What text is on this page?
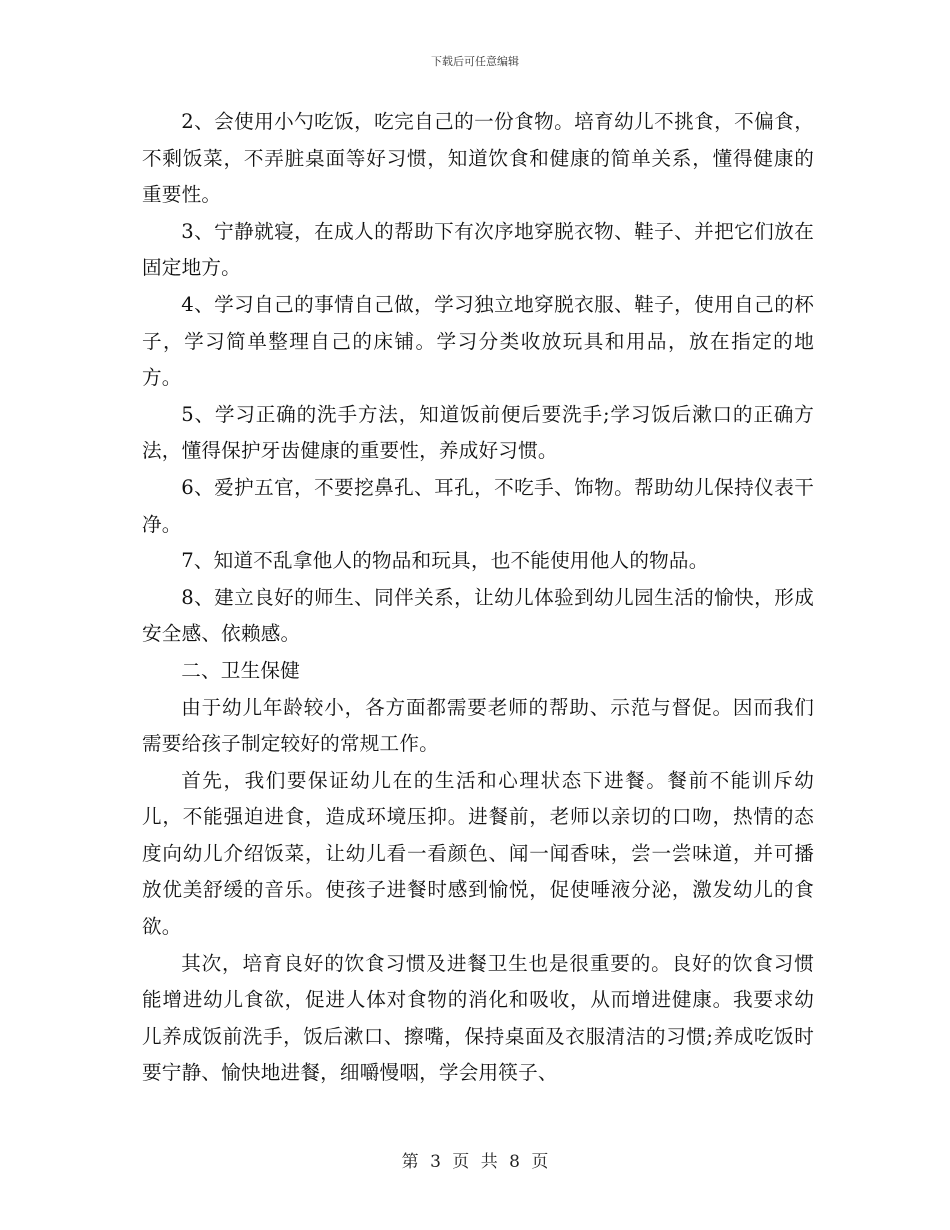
下载后可任意编辑

2、会使用小勺吃饭，吃完自己的一份食物。培育幼儿不挑食，不偏食，不剩饭菜，不弄脏桌面等好习惯，知道饮食和健康的简单关系，懂得健康的重要性。

3、宁静就寝，在成人的帮助下有次序地穿脱衣物、鞋子、并把它们放在固定地方。

4、学习自己的事情自己做，学习独立地穿脱衣服、鞋子，使用自己的杯子，学习简单整理自己的床铺。学习分类收放玩具和用品，放在指定的地方。

5、学习正确的洗手方法，知道饭前便后要洗手;学习饭后漱口的正确方法，懂得保护牙齿健康的重要性，养成好习惯。

6、爱护五官，不要挖鼻孔、耳孔，不吃手、饰物。帮助幼儿保持仪表干净。

7、知道不乱拿他人的物品和玩具，也不能使用他人的物品。

8、建立良好的师生、同伴关系，让幼儿体验到幼儿园生活的愉快，形成安全感、依赖感。

二、卫生保健

由于幼儿年龄较小，各方面都需要老师的帮助、示范与督促。因而我们需要给孩子制定较好的常规工作。

首先，我们要保证幼儿在的生活和心理状态下进餐。餐前不能训斥幼儿，不能强迫进食，造成环境压抑。进餐前，老师以亲切的口吻，热情的态度向幼儿介绍饭菜，让幼儿看一看颜色、闻一闻香味，尝一尝味道，并可播放优美舒缓的音乐。使孩子进餐时感到愉悦，促使唾液分泌，激发幼儿的食欲。

其次，培育良好的饮食习惯及进餐卫生也是很重要的。良好的饮食习惯能增进幼儿食欲，促进人体对食物的消化和吸收，从而增进健康。我要求幼儿养成饭前洗手，饭后漱口、擦嘴，保持桌面及衣服清洁的习惯;养成吃饭时要宁静、愉快地进餐，细嚼慢咽，学会用筷子、

第 3 页 共 8 页
